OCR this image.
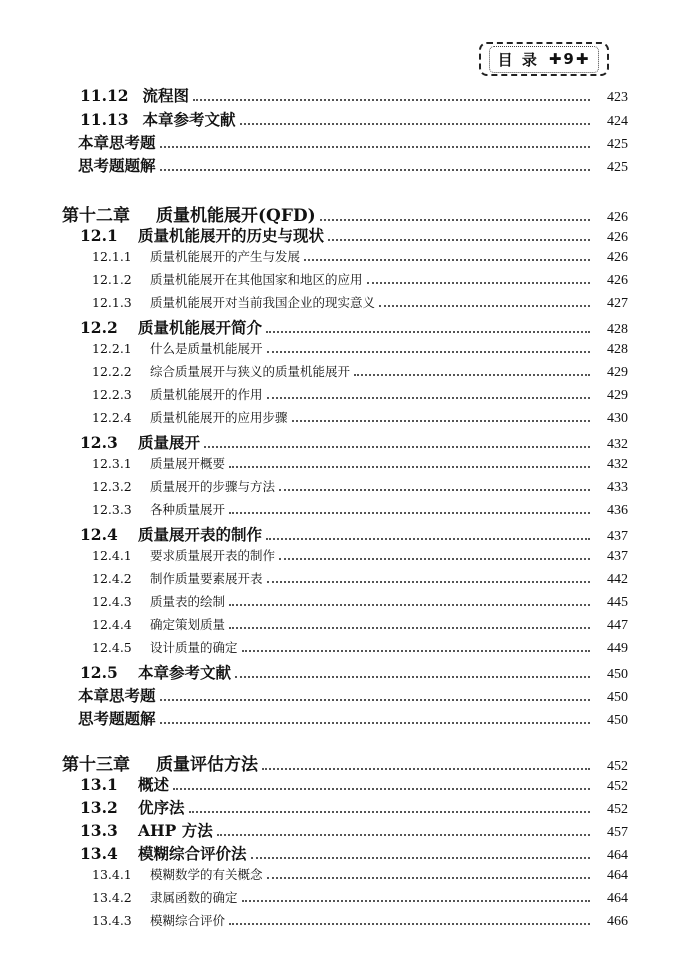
目 录 ✚9✚
11.12 流程图	423
11.13 本章参考文献	424
本章思考题	425
思考题题解	425
第十二章	质量机能展开(QFD)	426
12.1	质量机能展开的历史与现状	426
12.1.1	质量机能展开的产生与发展	426
12.1.2	质量机能展开在其他国家和地区的应用	426
12.1.3	质量机能展开对当前我国企业的现实意义	427
12.2	质量机能展开简介	428
12.2.1	什么是质量机能展开	428
12.2.2	综合质量展开与狭义的质量机能展开	429
12.2.3	质量机能展开的作用	429
12.2.4	质量机能展开的应用步骤	430
12.3	质量展开	432
12.3.1	质量展开概要	432
12.3.2	质量展开的步骤与方法	433
12.3.3	各种质量展开	436
12.4	质量展开表的制作	437
12.4.1	要求质量展开表的制作	437
12.4.2	制作质量要素展开表	442
12.4.3	质量表的绘制	445
12.4.4	确定策划质量	447
12.4.5	设计质量的确定	449
12.5	本章参考文献	450
本章思考题	450
思考题题解	450
第十三章	质量评估方法	452
13.1	概述	452
13.2	优序法	452
13.3	AHP 方法	457
13.4	模糊综合评价法	464
13.4.1	模糊数学的有关概念	464
13.4.2	隶属函数的确定	464
13.4.3	模糊综合评价	466
